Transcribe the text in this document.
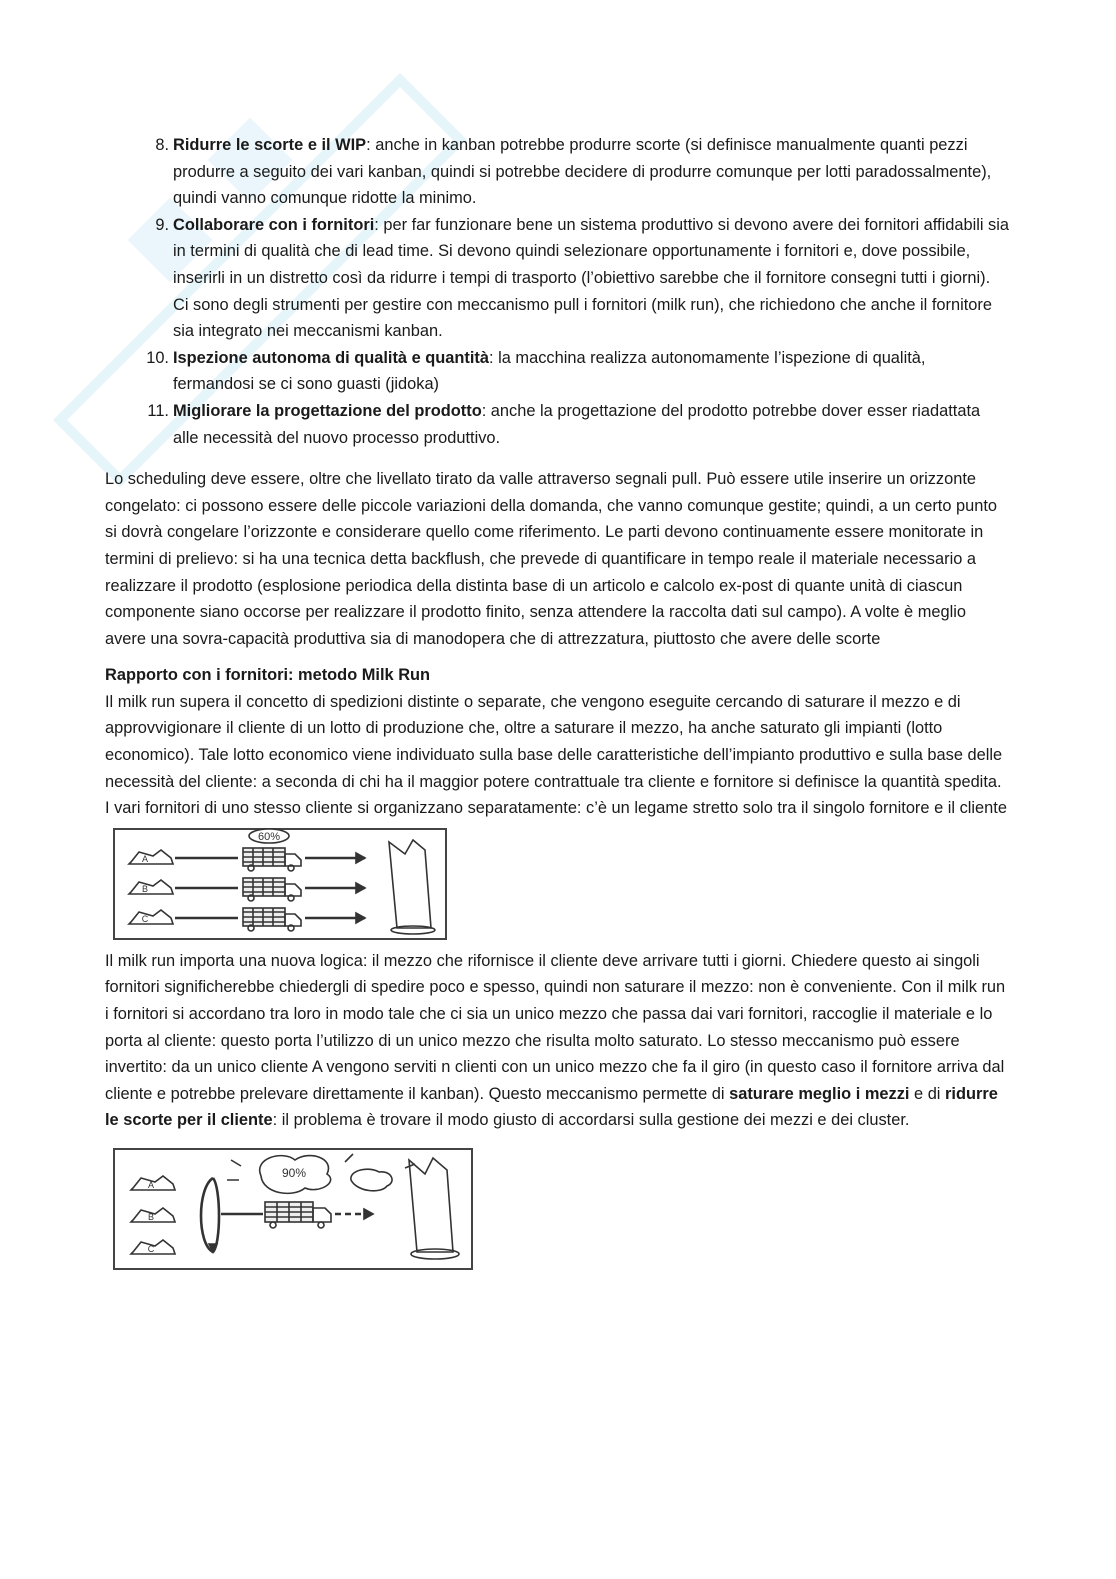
8. Ridurre le scorte e il WIP: anche in kanban potrebbe produrre scorte (si definisce manualmente quanti pezzi produrre a seguito dei vari kanban, quindi si potrebbe decidere di produrre comunque per lotti paradossalmente), quindi vanno comunque ridotte la minimo.
9. Collaborare con i fornitori: per far funzionare bene un sistema produttivo si devono avere dei fornitori affidabili sia in termini di qualità che di lead time. Si devono quindi selezionare opportunamente i fornitori e, dove possibile, inserirli in un distretto così da ridurre i tempi di trasporto (l’obiettivo sarebbe che il fornitore consegni tutti i giorni). Ci sono degli strumenti per gestire con meccanismo pull i fornitori (milk run), che richiedono che anche il fornitore sia integrato nei meccanismi kanban.
10. Ispezione autonoma di qualità e quantità: la macchina realizza autonomamente l’ispezione di qualità, fermandosi se ci sono guasti (jidoka)
11. Migliorare la progettazione del prodotto: anche la progettazione del prodotto potrebbe dover esser riadattata alle necessità del nuovo processo produttivo.

Lo scheduling deve essere, oltre che livellato tirato da valle attraverso segnali pull. Può essere utile inserire un orizzonte congelato: ci possono essere delle piccole variazioni della domanda, che vanno comunque gestite; quindi, a un certo punto si dovrà congelare l’orizzonte e considerare quello come riferimento. Le parti devono continuamente essere monitorate in termini di prelievo: si ha una tecnica detta backflush, che prevede di quantificare in tempo reale il materiale necessario a realizzare il prodotto (esplosione periodica della distinta base di un articolo e calcolo ex-post di quante unità di ciascun componente siano occorse per realizzare il prodotto finito, senza attendere la raccolta dati sul campo). A volte è meglio avere una sovra-capacità produttiva sia di manodopera che di attrezzatura, piuttosto che avere delle scorte

Rapporto con i fornitori: metodo Milk Run

Il milk run supera il concetto di spedizioni distinte o separate, che vengono eseguite cercando di saturare il mezzo e di approvvigionare il cliente di un lotto di produzione che, oltre a saturare il mezzo, ha anche saturato gli impianti (lotto economico). Tale lotto economico viene individuato sulla base delle caratteristiche dell’impianto produttivo e sulla base delle necessità del cliente: a seconda di chi ha il maggior potere contrattuale tra cliente e fornitore si definisce la quantità spedita. I vari fornitori di uno stesso cliente si organizzano separatamente: c’è un legame stretto solo tra il singolo fornitore e il cliente

60%
A
B
C

Il milk run importa una nuova logica: il mezzo che rifornisce il cliente deve arrivare tutti i giorni. Chiedere questo ai singoli fornitori significherebbe chiedergli di spedire poco e spesso, quindi non saturare il mezzo: non è conveniente. Con il milk run i fornitori si accordano tra loro in modo tale che ci sia un unico mezzo che passa dai vari fornitori, raccoglie il materiale e lo porta al cliente: questo porta l’utilizzo di un unico mezzo che risulta molto saturato. Lo stesso meccanismo può essere invertito: da un unico cliente A vengono serviti n clienti con un unico mezzo che fa il giro (in questo caso il fornitore arriva dal cliente e potrebbe prelevare direttamente il kanban). Questo meccanismo permette di saturare meglio i mezzi e di ridurre le scorte per il cliente: il problema è trovare il modo giusto di accordarsi sulla gestione dei mezzi e dei cluster.

90%
A
B
C
